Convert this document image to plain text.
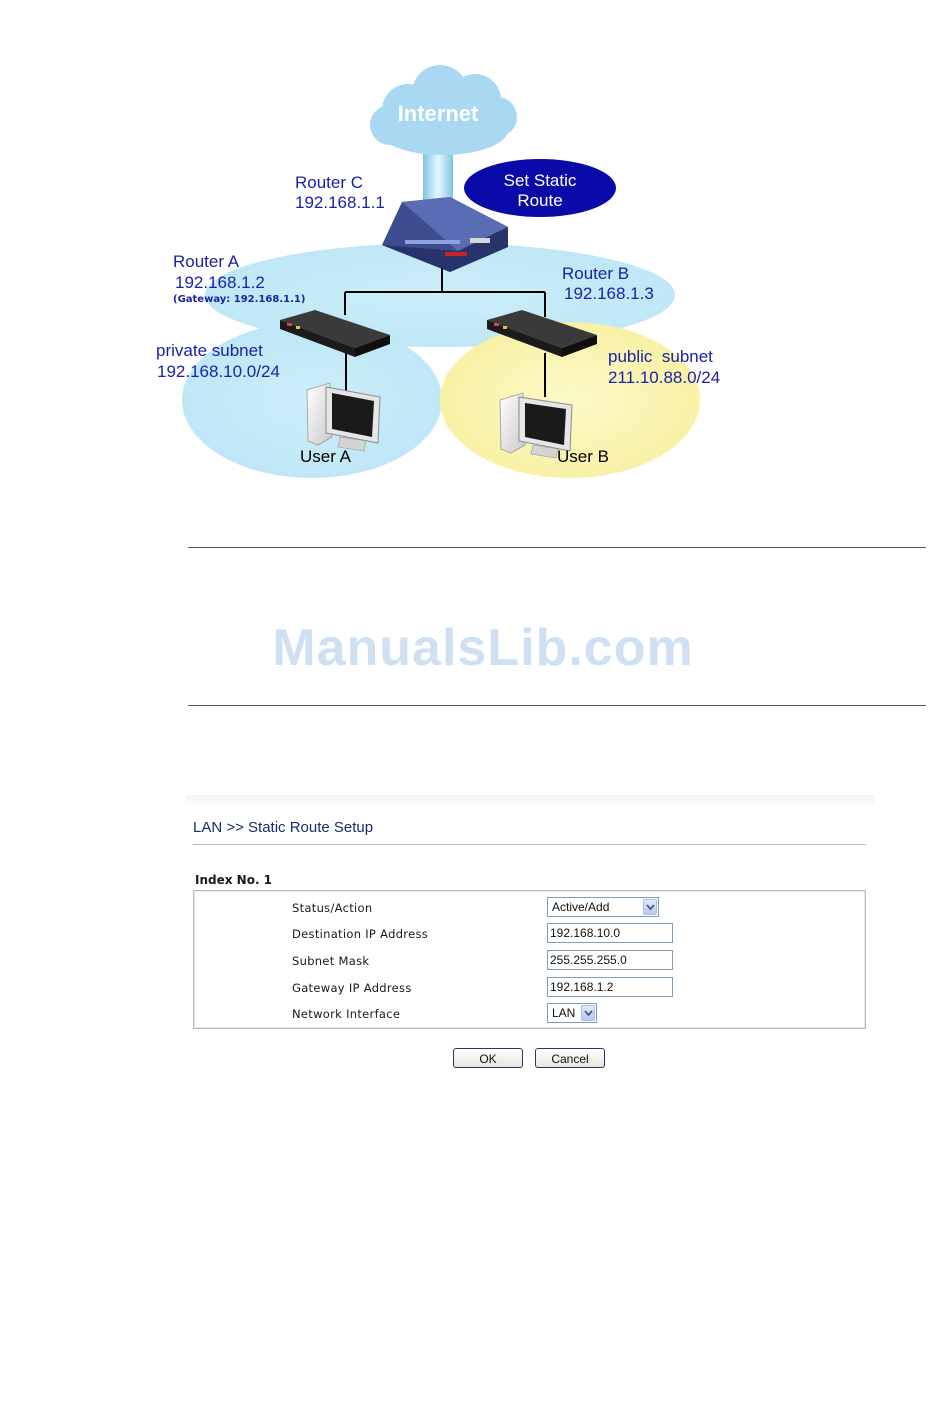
Internet
Set Static
Route
Router C
192.168.1.1
Router A
192.168.1.2
(Gateway: 192.168.1.1)
Router B
192.168.1.3
private subnet
192.168.10.0/24
public  subnet
211.10.88.0/24
User A	User B
ManualsLib.com
LAN >> Static Route Setup
Index No. 1
Status/Action	Active/Add
Destination IP Address	192.168.10.0
Subnet Mask	255.255.255.0
Gateway IP Address	192.168.1.2
Network Interface	LAN
OK	Cancel
